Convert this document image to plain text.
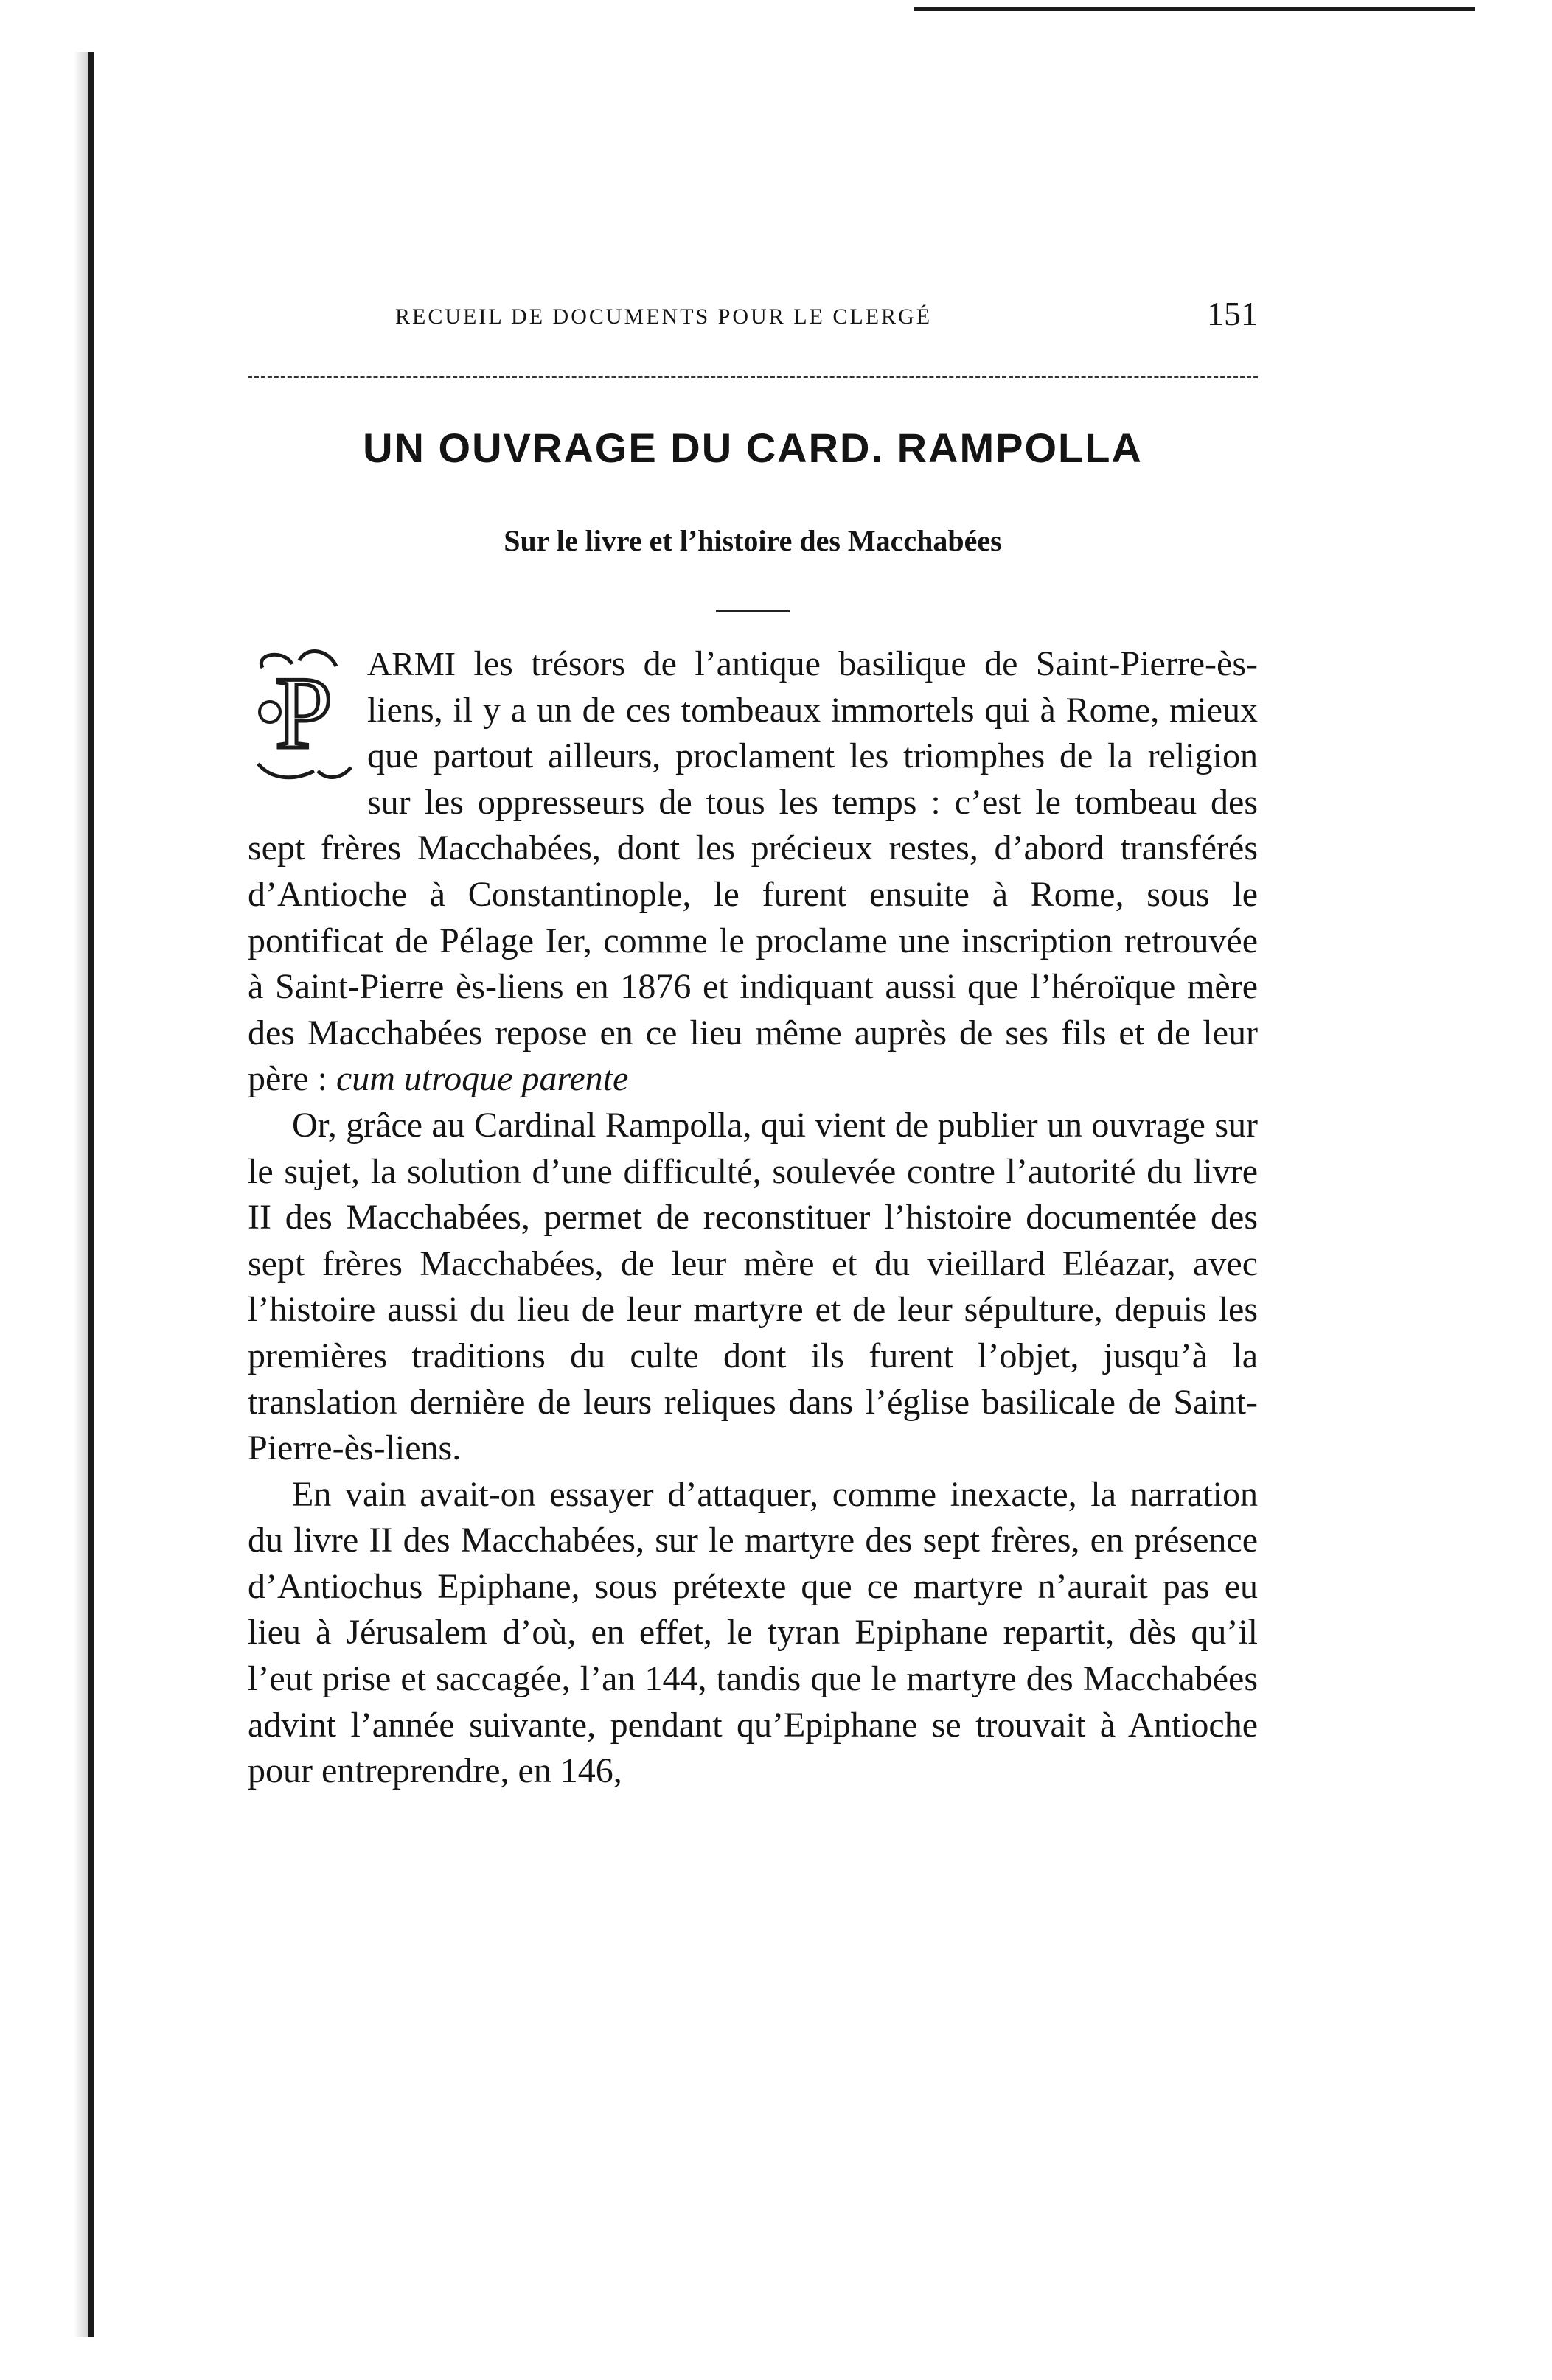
RECUEIL DE DOCUMENTS POUR LE CLERGÉ	151
UN OUVRAGE DU CARD. RAMPOLLA
Sur le livre et l’histoire des Macchabées

P ARMI les trésors de l’antique basilique de Saint-Pierre-ès-liens, il y a un de ces tombeaux immortels qui à Rome, mieux que partout ailleurs, proclament les triomphes de la religion sur les oppresseurs de tous les temps : c’est le tombeau des sept frères Macchabées, dont les précieux restes, d’abord transférés d’Antioche à Constantinople, le furent ensuite à Rome, sous le pontificat de Pélage Ier, comme le proclame une inscription retrouvée à Saint-Pierre ès-liens en 1876 et indiquant aussi que l’héroïque mère des Macchabées repose en ce lieu même auprès de ses fils et de leur père : cum utroque parente

Or, grâce au Cardinal Rampolla, qui vient de publier un ouvrage sur le sujet, la solution d’une difficulté, soulevée contre l’autorité du livre II des Macchabées, permet de reconstituer l’histoire documentée des sept frères Macchabées, de leur mère et du vieillard Eléazar, avec l’histoire aussi du lieu de leur martyre et de leur sépulture, depuis les premières traditions du culte dont ils furent l’objet, jusqu’à la translation dernière de leurs reliques dans l’église basilicale de Saint-Pierre-ès-liens.

En vain avait-on essayer d’attaquer, comme inexacte, la narration du livre II des Macchabées, sur le martyre des sept frères, en présence d’Antiochus Epiphane, sous prétexte que ce martyre n’aurait pas eu lieu à Jérusalem d’où, en effet, le tyran Epiphane repartit, dès qu’il l’eut prise et saccagée, l’an 144, tandis que le martyre des Macchabées advint l’année suivante, pendant qu’Epiphane se trouvait à Antioche pour entreprendre, en 146,
